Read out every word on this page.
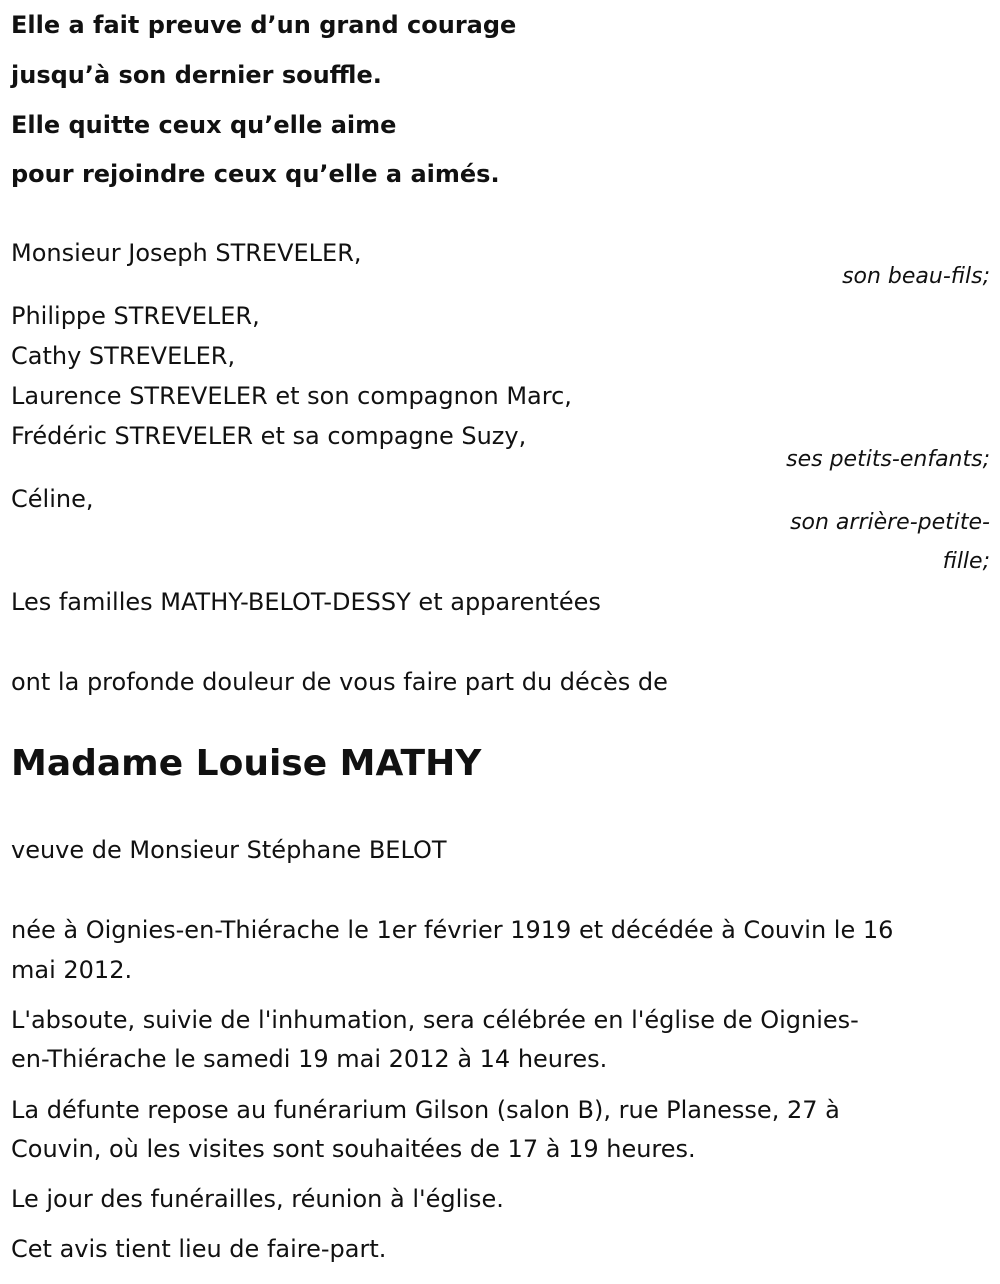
Elle a fait preuve d’un grand courage
jusqu’à son dernier souffle.
Elle quitte ceux qu’elle aime
pour rejoindre ceux qu’elle a aimés.
Monsieur Joseph STREVELER,
son beau-fils;
Philippe STREVELER,
Cathy STREVELER,
Laurence STREVELER et son compagnon Marc,
Frédéric STREVELER et sa compagne Suzy,
ses petits-enfants;
Céline,
son arrière-petite-
fille;
Les familles MATHY-BELOT-DESSY et apparentées
ont la profonde douleur de vous faire part du décès de
Madame Louise MATHY
veuve de Monsieur Stéphane BELOT
née à Oignies-en-Thiérache le 1er février 1919 et décédée à Couvin le 16
mai 2012.
L'absoute, suivie de l'inhumation, sera célébrée en l'église de Oignies-
en-Thiérache le samedi 19 mai 2012 à 14 heures.
La défunte repose au funérarium Gilson (salon B), rue Planesse, 27 à
Couvin, où les visites sont souhaitées de 17 à 19 heures.
Le jour des funérailles, réunion à l'église.
Cet avis tient lieu de faire-part.
